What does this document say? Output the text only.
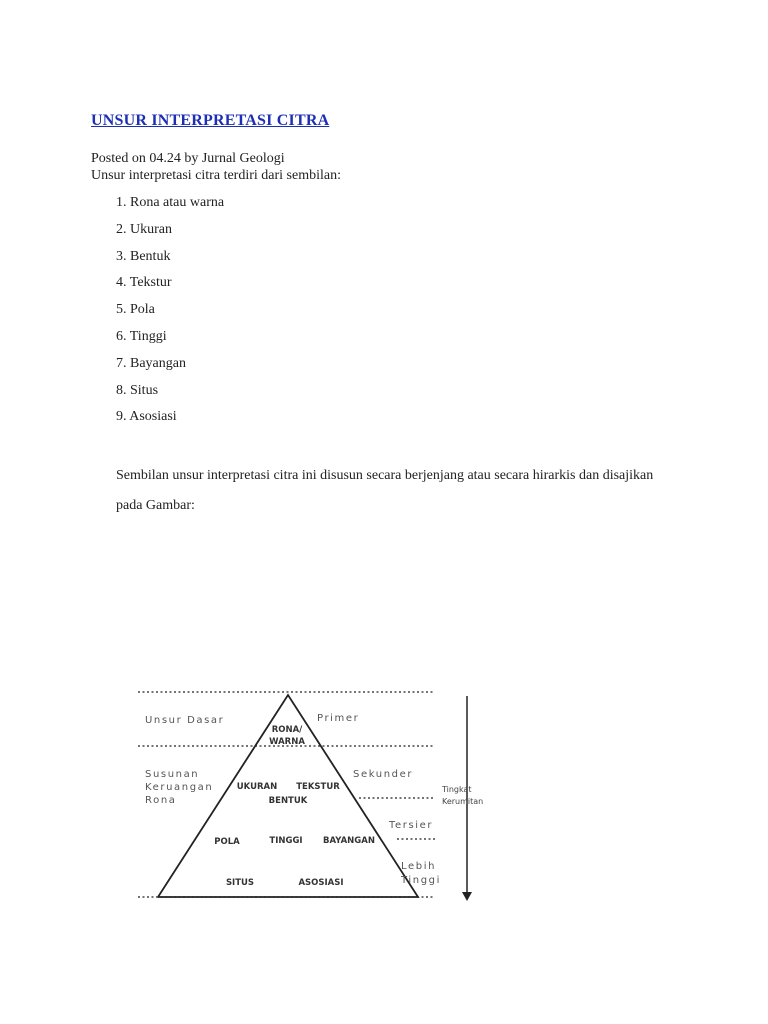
UNSUR INTERPRETASI CITRA
Posted on 04.24 by Jurnal Geologi
Unsur interpretasi citra terdiri dari sembilan:
1. Rona atau warna
2. Ukuran
3. Bentuk
4. Tekstur
5. Pola
6. Tinggi
7. Bayangan
8. Situs
9. Asosiasi
Sembilan unsur interpretasi citra ini disusun secara berjenjang atau secara hirarkis dan disajikan pada Gambar:
Unsur Dasar
Susunan
Keruangan
Rona
Primer
Sekunder
Tersier
Lebih
Tinggi
RONA/
WARNA
UKURAN TEKSTUR
BENTUK
POLA	TINGGI BAYANGAN
SITUS	ASOSIASI
Tingkat
Kerumitan
